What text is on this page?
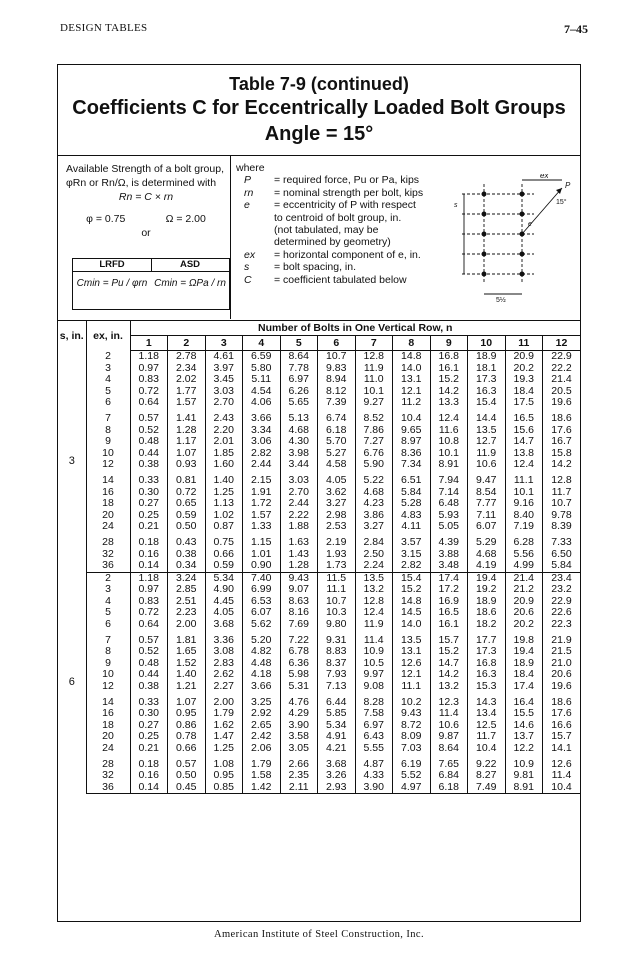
DESIGN TABLES	7–45
Table 7-9 (continued)
Coefficients C for Eccentrically Loaded Bolt Groups
Angle = 15°
Available Strength of a bolt group,
φRn or Rn/Ω, is determined with
Rn = C × rn
φ = 0.75	Ω = 2.00
or
LRFD	ASD
Cmin = Pu / φrn Cmin = ΩPa / rn
where
P	= required force, Pu or Pa, kips
rn	= nominal strength per bolt, kips
e	= eccentricity of P with respect
to centroid of bolt group, in.
(not tabulated, may be
determined by geometry)
ex	= horizontal component of e, in.
s	= bolt spacing, in.
C	= coefficient tabulated below
ex
P
15°
e
5½
s
s, in.	ex, in.	Number of Bolts in One Vertical Row, n											
		1	2	3	4	5	6	7	8	9	10	11	12
3	2	1.18	2.78	4.61	6.59	8.64	10.7	12.8	14.8	16.8	18.9	20.9	22.9
	3	0.97	2.34	3.97	5.80	7.78	9.83	11.9	14.0	16.1	18.1	20.2	22.2
	4	0.83	2.02	3.45	5.11	6.97	8.94	11.0	13.1	15.2	17.3	19.3	21.4
	5	0.72	1.77	3.03	4.54	6.26	8.12	10.1	12.1	14.2	16.3	18.4	20.5
	6	0.64	1.57	2.70	4.06	5.65	7.39	9.27	11.2	13.3	15.4	17.5	19.6
	7	0.57	1.41	2.43	3.66	5.13	6.74	8.52	10.4	12.4	14.4	16.5	18.6
	8	0.52	1.28	2.20	3.34	4.68	6.18	7.86	9.65	11.6	13.5	15.6	17.6
	9	0.48	1.17	2.01	3.06	4.30	5.70	7.27	8.97	10.8	12.7	14.7	16.7
	10	0.44	1.07	1.85	2.82	3.98	5.27	6.76	8.36	10.1	11.9	13.8	15.8
	12	0.38	0.93	1.60	2.44	3.44	4.58	5.90	7.34	8.91	10.6	12.4	14.2
	14	0.33	0.81	1.40	2.15	3.03	4.05	5.22	6.51	7.94	9.47	11.1	12.8
	16	0.30	0.72	1.25	1.91	2.70	3.62	4.68	5.84	7.14	8.54	10.1	11.7
	18	0.27	0.65	1.13	1.72	2.44	3.27	4.23	5.28	6.48	7.77	9.16	10.7
	20	0.25	0.59	1.02	1.57	2.22	2.98	3.86	4.83	5.93	7.11	8.40	9.78
	24	0.21	0.50	0.87	1.33	1.88	2.53	3.27	4.11	5.05	6.07	7.19	8.39
	28	0.18	0.43	0.75	1.15	1.63	2.19	2.84	3.57	4.39	5.29	6.28	7.33
	32	0.16	0.38	0.66	1.01	1.43	1.93	2.50	3.15	3.88	4.68	5.56	6.50
	36	0.14	0.34	0.59	0.90	1.28	1.73	2.24	2.82	3.48	4.19	4.99	5.84
6	2	1.18	3.24	5.34	7.40	9.43	11.5	13.5	15.4	17.4	19.4	21.4	23.4
	3	0.97	2.85	4.90	6.99	9.07	11.1	13.2	15.2	17.2	19.2	21.2	23.2
	4	0.83	2.51	4.45	6.53	8.63	10.7	12.8	14.8	16.9	18.9	20.9	22.9
	5	0.72	2.23	4.05	6.07	8.16	10.3	12.4	14.5	16.5	18.6	20.6	22.6
	6	0.64	2.00	3.68	5.62	7.69	9.80	11.9	14.0	16.1	18.2	20.2	22.3
	7	0.57	1.81	3.36	5.20	7.22	9.31	11.4	13.5	15.7	17.7	19.8	21.9
	8	0.52	1.65	3.08	4.82	6.78	8.83	10.9	13.1	15.2	17.3	19.4	21.5
	9	0.48	1.52	2.83	4.48	6.36	8.37	10.5	12.6	14.7	16.8	18.9	21.0
	10	0.44	1.40	2.62	4.18	5.98	7.93	9.97	12.1	14.2	16.3	18.4	20.6
	12	0.38	1.21	2.27	3.66	5.31	7.13	9.08	11.1	13.2	15.3	17.4	19.6
	14	0.33	1.07	2.00	3.25	4.76	6.44	8.28	10.2	12.3	14.3	16.4	18.6
	16	0.30	0.95	1.79	2.92	4.29	5.85	7.58	9.43	11.4	13.4	15.5	17.6
	18	0.27	0.86	1.62	2.65	3.90	5.34	6.97	8.72	10.6	12.5	14.6	16.6
	20	0.25	0.78	1.47	2.42	3.58	4.91	6.43	8.09	9.87	11.7	13.7	15.7
	24	0.21	0.66	1.25	2.06	3.05	4.21	5.55	7.03	8.64	10.4	12.2	14.1
	28	0.18	0.57	1.08	1.79	2.66	3.68	4.87	6.19	7.65	9.22	10.9	12.6
	32	0.16	0.50	0.95	1.58	2.35	3.26	4.33	5.52	6.84	8.27	9.81	11.4
	36	0.14	0.45	0.85	1.42	2.11	2.93	3.90	4.97	6.18	7.49	8.91	10.4
American Institute of Steel Construction, Inc.
